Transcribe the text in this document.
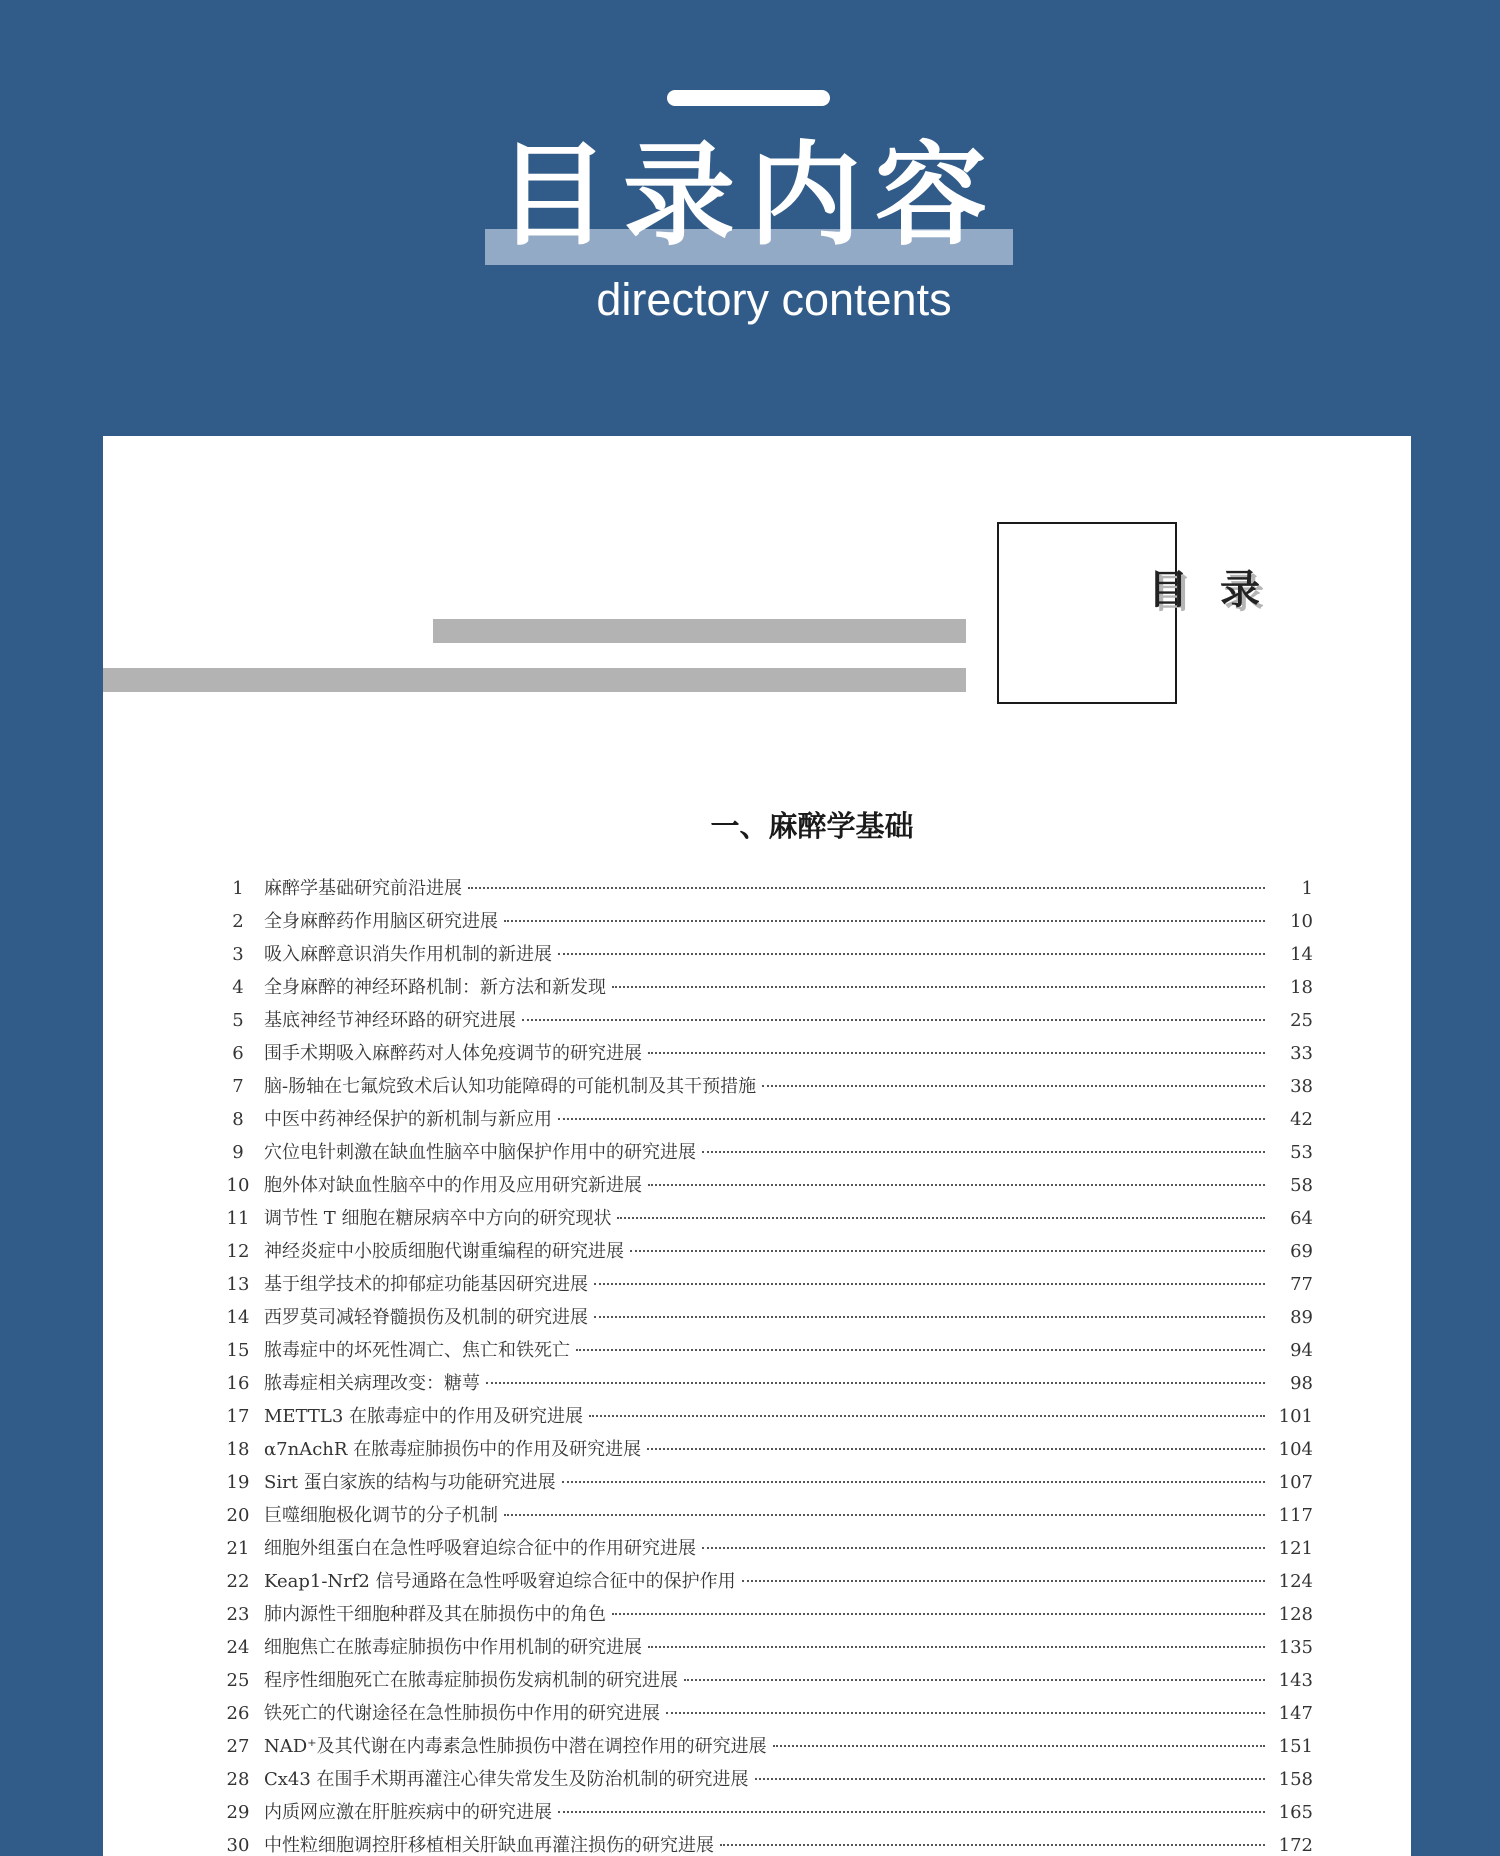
目录内容
directory contents
目录
一、麻醉学基础
1	麻醉学基础研究前沿进展	1
2	全身麻醉药作用脑区研究进展	10
3	吸入麻醉意识消失作用机制的新进展	14
4	全身麻醉的神经环路机制：新方法和新发现	18
5	基底神经节神经环路的研究进展	25
6	围手术期吸入麻醉药对人体免疫调节的研究进展	33
7	脑-肠轴在七氟烷致术后认知功能障碍的可能机制及其干预措施	38
8	中医中药神经保护的新机制与新应用	42
9	穴位电针刺激在缺血性脑卒中脑保护作用中的研究进展	53
10 胞外体对缺血性脑卒中的作用及应用研究新进展	58
11 调节性 T 细胞在糖尿病卒中方向的研究现状	64
12 神经炎症中小胶质细胞代谢重编程的研究进展	69
13 基于组学技术的抑郁症功能基因研究进展	77
14 西罗莫司减轻脊髓损伤及机制的研究进展	89
15 脓毒症中的坏死性凋亡、焦亡和铁死亡	94
16 脓毒症相关病理改变：糖萼	98
17 METTL3 在脓毒症中的作用及研究进展	101
18 α7nAchR 在脓毒症肺损伤中的作用及研究进展	104
19 Sirt 蛋白家族的结构与功能研究进展	107
20 巨噬细胞极化调节的分子机制	117
21 细胞外组蛋白在急性呼吸窘迫综合征中的作用研究进展	121
22 Keap1-Nrf2 信号通路在急性呼吸窘迫综合征中的保护作用	124
23 肺内源性干细胞种群及其在肺损伤中的角色	128
24 细胞焦亡在脓毒症肺损伤中作用机制的研究进展	135
25 程序性细胞死亡在脓毒症肺损伤发病机制的研究进展	143
26 铁死亡的代谢途径在急性肺损伤中作用的研究进展	147
27 NAD⁺及其代谢在内毒素急性肺损伤中潜在调控作用的研究进展	151
28 Cx43 在围手术期再灌注心律失常发生及防治机制的研究进展	158
29 内质网应激在肝脏疾病中的研究进展	165
30 中性粒细胞调控肝移植相关肝缺血再灌注损伤的研究进展	172
